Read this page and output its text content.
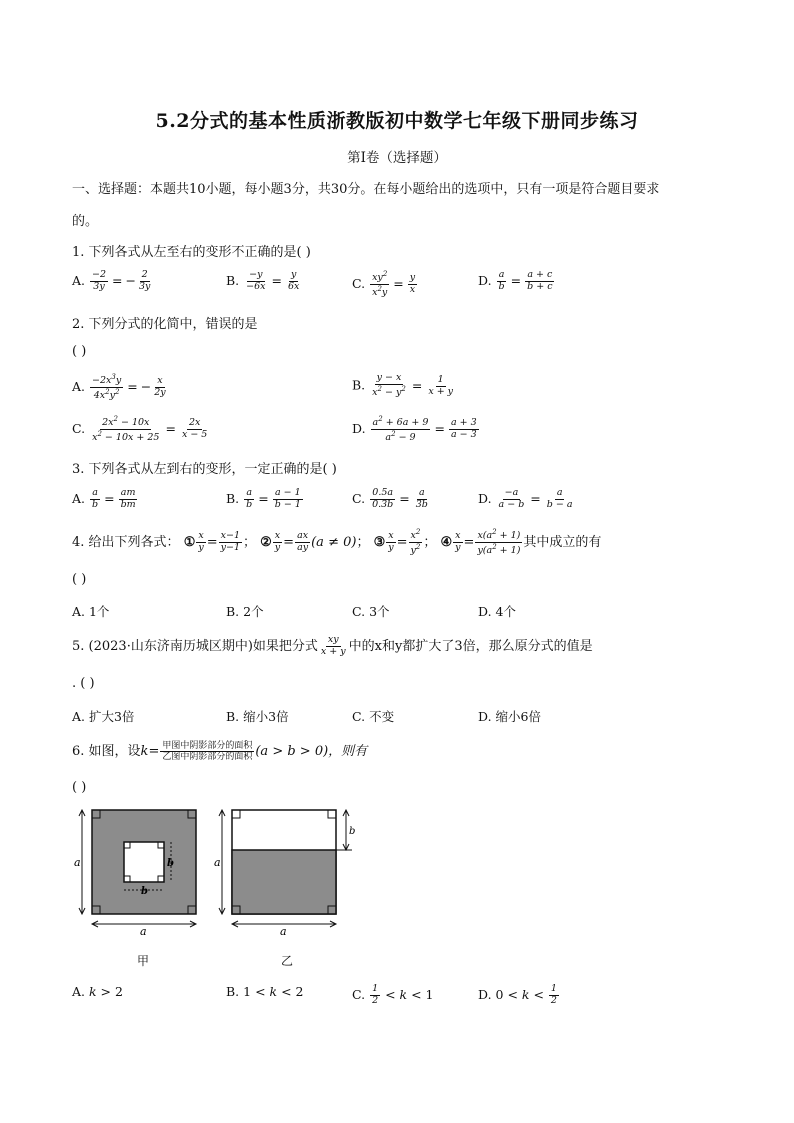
5.2分式的基本性质浙教版初中数学七年级下册同步练习
第I卷（选择题）
一、选择题：本题共10小题，每小题3分，共30分。在每小题给出的选项中，只有一项是符合题目要求
的。
1. 下列各式从左至右的变形不正确的是( )
A. $\frac{-2}{3y}$ = − $\frac{2}{3y}$	B. $\frac{-y}{-6x} = \frac{y}{6x}$	C. $\frac{xy^2}{x^2y} = \frac{y}{x}$	D. $\frac{a}{b} = \frac{a + c}{b + c}$
2. 下列分式的化简中，错误的是
( )
A. $\frac{-2x^3y}{4x^2y^2}$ = − $\frac{x}{2y}$	B. $\frac{y - x}{x^2 - y^2} = \frac{1}{x + y}$
C. $\frac{2x^2 - 10x}{x^2 - 10x + 25} = \frac{2x}{x - 5}$	D. $\frac{a^2 + 6a + 9}{a^2 - 9} = \frac{a + 3}{a - 3}$
3. 下列各式从左到右的变形，一定正确的是( )
A. $\frac{a}{b} = \frac{am}{bm}$	B. $\frac{a}{b} = \frac{a - 1}{b - 1}$	C. $\frac{0.5a}{0.3b} = \frac{a}{3b}$	D. $\frac{-a}{a - b} = \frac{a}{b - a}$
4. 给出下列各式： ① $\frac{x}{y} = \frac{x-1}{y-1}$ ； ② $\frac{x}{y} = \frac{ax}{ay} (a \ne 0)$； ③ $\frac{x}{y} = \frac{x^2}{y^2}$ ； ④ $\frac{x}{y} = \frac{x(a^2 + 1)}{y(a^2 + 1)}$ 其中成立的有
( )
A. 1个	B. 2个	C. 3个	D. 4个
5. (2023·山东济南历城区期中)如果把分式 $\frac{xy}{x + y}$ 中的x和y都扩大了3倍，那么原分式的值是
. ( )
A. 扩大3倍	B. 缩小3倍	C. 不变	D. 缩小6倍
6. 如图，设$k= \frac{\text{甲图中阴影部分的面积}}{\text{乙图中阴影部分的面积}} (a > b > 0)$，则有
( )
a
a
b
b
a
a
b
甲	乙
A. k > 2	B. 1 < k < 2	C. $\frac{1}{2} < k < 1$	D. $0 < k < \frac{1}{2}$
